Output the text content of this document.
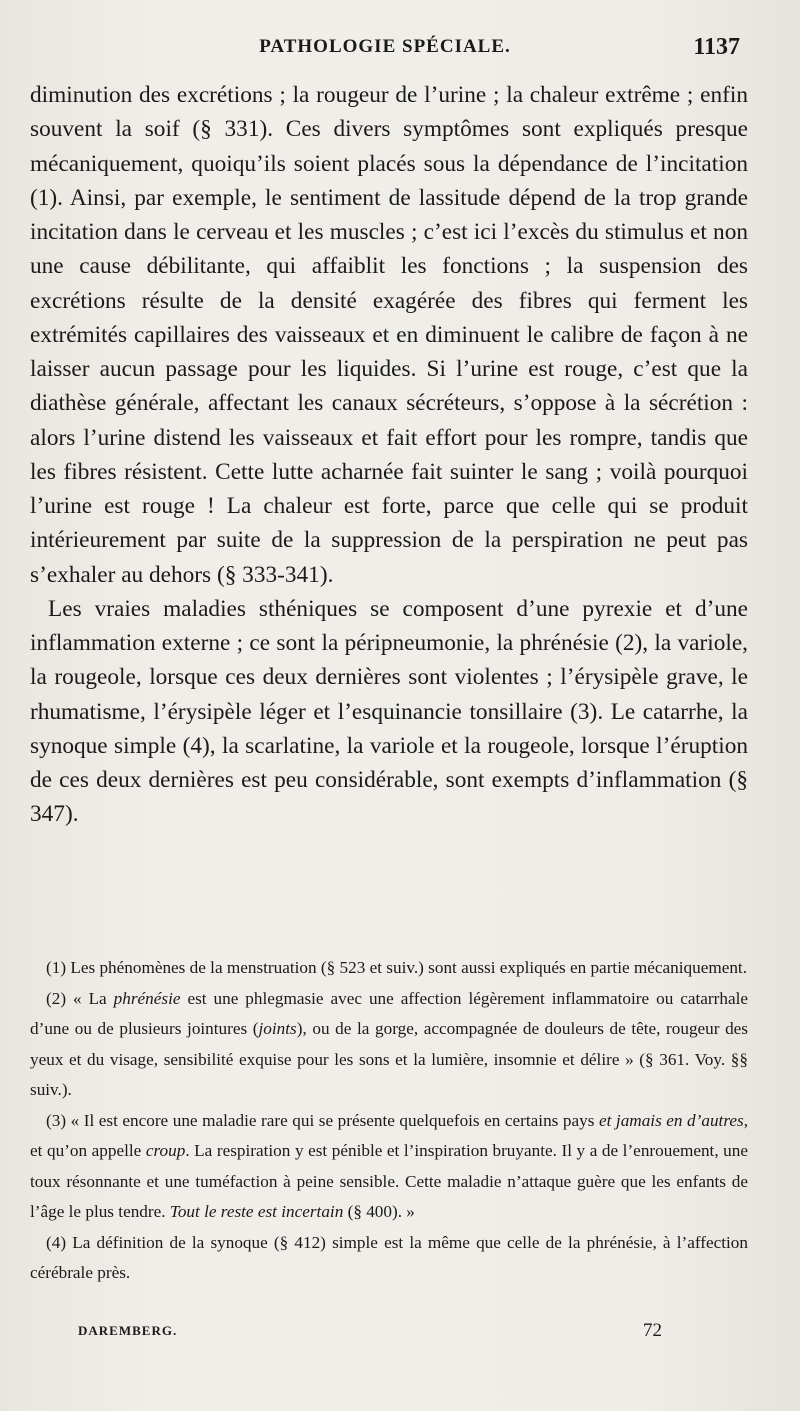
PATHOLOGIE SPÉCIALE.	1137

diminution des excrétions ; la rougeur de l’urine ; la chaleur extrême ; enfin souvent la soif (§ 331). Ces divers symptômes sont expliqués presque mécaniquement, quoiqu’ils soient placés sous la dépendance de l’incitation (1). Ainsi, par exemple, le sentiment de lassitude dépend de la trop grande incitation dans le cerveau et les muscles ; c’est ici l’excès du stimulus et non une cause débilitante, qui affaiblit les fonctions ; la suspension des excrétions résulte de la densité exagérée des fibres qui ferment les extrémités capillaires des vaisseaux et en diminuent le calibre de façon à ne laisser aucun passage pour les liquides. Si l’urine est rouge, c’est que la diathèse générale, affectant les canaux sécréteurs, s’oppose à la sécrétion : alors l’urine distend les vaisseaux et fait effort pour les rompre, tandis que les fibres résistent. Cette lutte acharnée fait suinter le sang ; voilà pourquoi l’urine est rouge ! La chaleur est forte, parce que celle qui se produit intérieurement par suite de la suppression de la perspiration ne peut pas s’exhaler au dehors (§ 333-341).

Les vraies maladies sthéniques se composent d’une pyrexie et d’une inflammation externe ; ce sont la péripneumonie, la phrénésie (2), la variole, la rougeole, lorsque ces deux dernières sont violentes ; l’érysipèle grave, le rhumatisme, l’érysipèle léger et l’esquinancie tonsillaire (3). Le catarrhe, la synoque simple (4), la scarlatine, la variole et la rougeole, lorsque l’éruption de ces deux dernières est peu considérable, sont exempts d’inflammation (§ 347).

(1) Les phénomènes de la menstruation (§ 523 et suiv.) sont aussi expliqués en partie mécaniquement.

(2) « La phrénésie est une phlegmasie avec une affection légèrement inflammatoire ou catarrhale d’une ou de plusieurs jointures (joints), ou de la gorge, accompagnée de douleurs de tête, rougeur des yeux et du visage, sensibilité exquise pour les sons et la lumière, insomnie et délire » (§ 361. Voy. §§ suiv.).

(3) « Il est encore une maladie rare qui se présente quelquefois en certains pays et jamais en d’autres, et qu’on appelle croup. La respiration y est pénible et l’inspiration bruyante. Il y a de l’enrouement, une toux résonnante et une tuméfaction à peine sensible. Cette maladie n’attaque guère que les enfants de l’âge le plus tendre. Tout le reste est incertain (§ 400). »

(4) La définition de la synoque (§ 412) simple est la même que celle de la phrénésie, à l’affection cérébrale près.

DAREMBERG.	72
